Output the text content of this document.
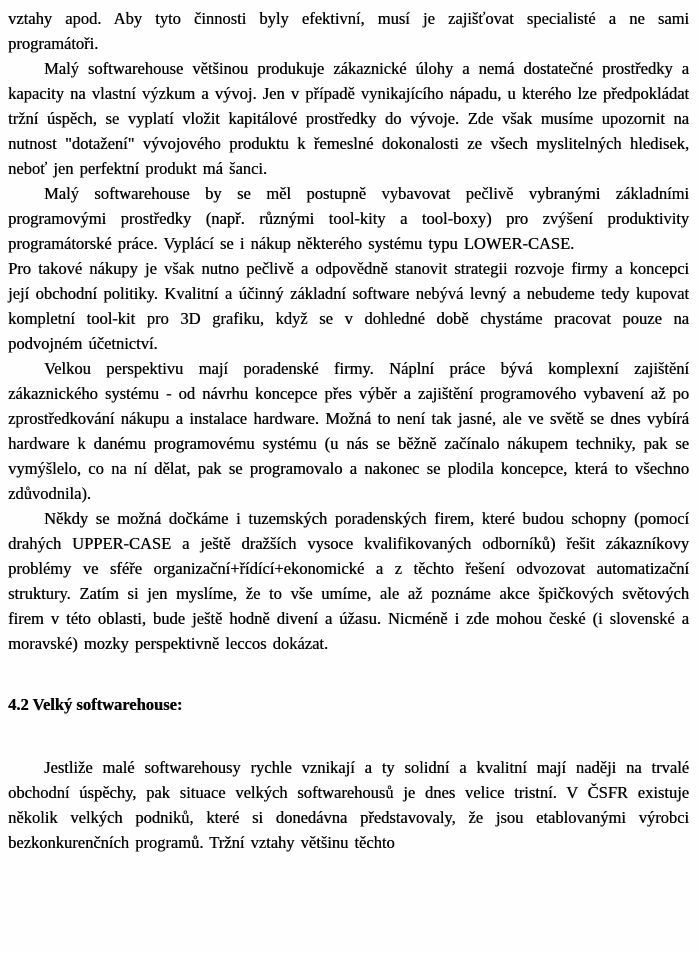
vztahy apod. Aby tyto činnosti byly efektivní, musí je zajišťovat specialisté a ne sami programátoři.

Malý softwarehouse většinou produkuje zákaznické úlohy a nemá dostatečné prostředky a kapacity na vlastní výzkum a vývoj. Jen v případě vynikajícího nápadu, u kterého lze předpokládat tržní úspěch, se vyplatí vložit kapitálové prostředky do vývoje. Zde však musíme upozornit na nutnost "dotažení" vývojového produktu k řemeslné dokonalosti ze všech myslitelných hledisek, neboť jen perfektní produkt má šanci.

Malý softwarehouse by se měl postupně vybavovat pečlivě vybranými základními programovými prostředky (např. různými tool-kity a tool-boxy) pro zvýšení produktivity programátorské práce. Vyplácí se i nákup některého systému typu LOWER-CASE.

Pro takové nákupy je však nutno pečlivě a odpovědně stanovit strategii rozvoje firmy a koncepci její obchodní politiky. Kvalitní a účinný základní software nebývá levný a nebudeme tedy kupovat kompletní tool-kit pro 3D grafiku, když se v dohledné době chystáme pracovat pouze na podvojném účetnictví.

Velkou perspektivu mají poradenské firmy. Náplní práce bývá komplexní zajištění zákaznického systému - od návrhu koncepce přes výběr a zajištění programového vybavení až po zprostředkování nákupu a instalace hardware. Možná to není tak jasné, ale ve světě se dnes vybírá hardware k danému programovému systému (u nás se běžně začínalo nákupem techniky, pak se vymýšlelo, co na ní dělat, pak se programovalo a nakonec se plodila koncepce, která to všechno zdůvodnila).

Někdy se možná dočkáme i tuzemských poradenských firem, které budou schopny (pomocí drahých UPPER-CASE a ještě dražších vysoce kvalifikovaných odborníků) řešit zákazníkovy problémy ve sféře organizační+řídící+ekonomické a z těchto řešení odvozovat automatizační struktury. Zatím si jen myslíme, že to vše umíme, ale až poznáme akce špičkových světových firem v této oblasti, bude ještě hodně divení a úžasu. Nicméně i zde mohou české (i slovenské a moravské) mozky perspektivně leccos dokázat.

4.2 Velký softwarehouse:

Jestliže malé softwarehousy rychle vznikají a ty solidní a kvalitní mají naději na trvalé obchodní úspěchy, pak situace velkých softwarehousů je dnes velice tristní. V ČSFR existuje několik velkých podniků, které si donedávna představovaly, že jsou etablovanými výrobci bezkonkurenčních programů. Tržní vztahy většinu těchto
